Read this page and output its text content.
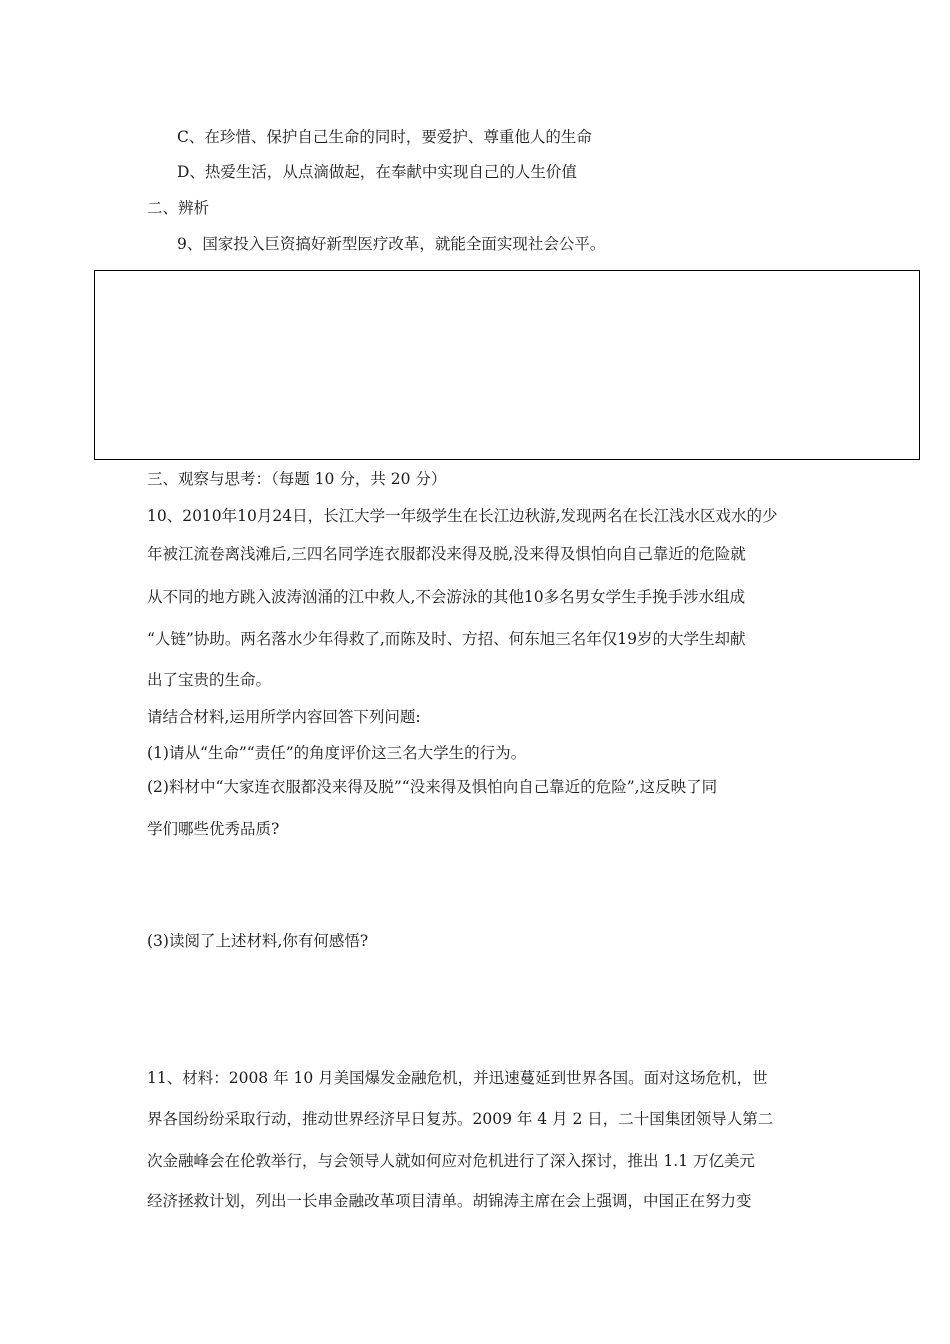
C、在珍惜、保护自己生命的同时，要爱护、尊重他人的生命
D、热爱生活，从点滴做起，在奉献中实现自己的人生价值
二、辨析
9、国家投入巨资搞好新型医疗改革，就能全面实现社会公平。
三、观察与思考：（每题 10 分，共 20 分）
10、2010年10月24日，长江大学一年级学生在长江边秋游,发现两名在长江浅水区戏水的少
年被江流卷离浅滩后,三四名同学连衣服都没来得及脱,没来得及惧怕向自己靠近的危险就
从不同的地方跳入波涛汹涌的江中救人,不会游泳的其他10多名男女学生手挽手涉水组成
“人链”协助。两名落水少年得救了,而陈及时、方招、何东旭三名年仅19岁的大学生却献
出了宝贵的生命。
请结合材料,运用所学内容回答下列问题:
(1)请从“生命”“责任”的角度评价这三名大学生的行为。
(2)料材中“大家连衣服都没来得及脱”“没来得及惧怕向自己靠近的危险”,这反映了同
学们哪些优秀品质?
(3)读阅了上述材料,你有何感悟?
11、材料：2008 年 10 月美国爆发金融危机，并迅速蔓延到世界各国。面对这场危机，世
界各国纷纷采取行动，推动世界经济早日复苏。2009 年 4 月 2 日，二十国集团领导人第二
次金融峰会在伦敦举行，与会领导人就如何应对危机进行了深入探讨，推出 1.1 万亿美元
经济拯救计划，列出一长串金融改革项目清单。胡锦涛主席在会上强调，中国正在努力变
